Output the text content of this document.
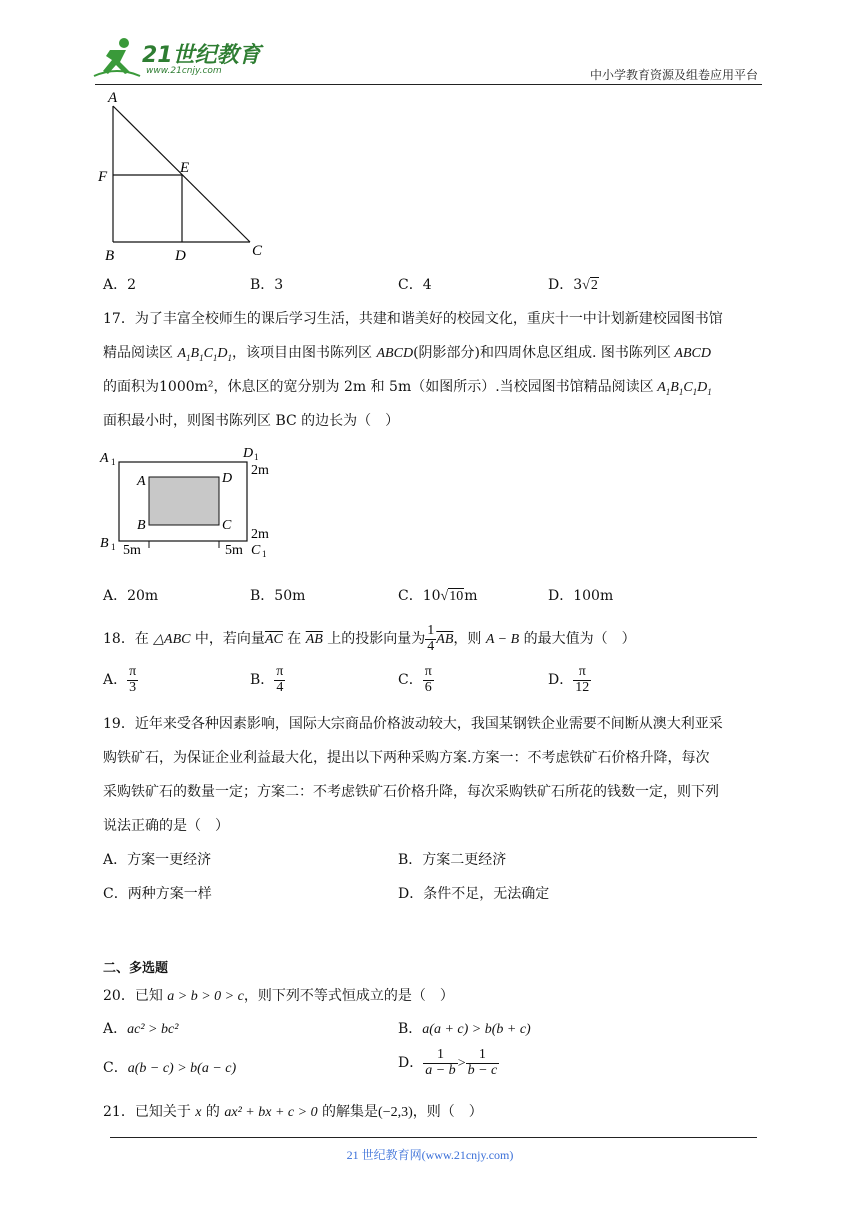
21世纪教育
www.21cnjy.com	中小学教育资源及组卷应用平台
A
F
E
B	D	C
A．2	B．3	C．4	D．3√2
17．为了丰富全校师生的课后学习生活，共建和谐美好的校园文化，重庆十一中计划新建校园图书馆
精品阅读区 $A_1B_1C_1D_1$，该项目由图书陈列区 ABCD(阴影部分)和四周休息区组成. 图书陈列区 ABCD
的面积为1000m²，休息区的宽分别为 2m 和 5m（如图所示）.当校园图书馆精品阅读区 $A_1B_1C_1D_1$
面积最小时，则图书陈列区 BC 的边长为（　）
A 1
D 1
2m
A	D
B	C
2m
B 1 5m	5m C 1
A．20m	B．50m	C．10√10m	D．100m
18．在 △ABC 中，若向量$\overline{AC}$ 在 $\overline{AB}$ 上的投影向量为 $\frac{1}{4} \overline{AB}$，则 A − B 的最大值为（　）
A． $\frac{\pi}{3}$	B． $\frac{\pi}{4}$	C． $\frac{\pi}{6}$	D． $\frac{\pi}{12}$
19．近年来受各种因素影响，国际大宗商品价格波动较大，我国某钢铁企业需要不间断从澳大利亚采
购铁矿石，为保证企业利益最大化，提出以下两种采购方案.方案一：不考虑铁矿石价格升降，每次
采购铁矿石的数量一定；方案二：不考虑铁矿石价格升降，每次采购铁矿石所花的钱数一定，则下列
说法正确的是（　）
A．方案一更经济	B．方案二更经济
C．两种方案一样	D．条件不足，无法确定
二、多选题
20．已知 a > b > 0 > c，则下列不等式恒成立的是（　）
A．ac² > bc²	B．a(a + c) > b(b + c)
C．a(b − c) > b(a − c)	D． $\frac{1}{a - b} > \frac{1}{b - c}$
21．已知关于 x 的 ax² + bx + c > 0 的解集是(−2,3)，则（　）
21 世纪教育网(www.21cnjy.com)
